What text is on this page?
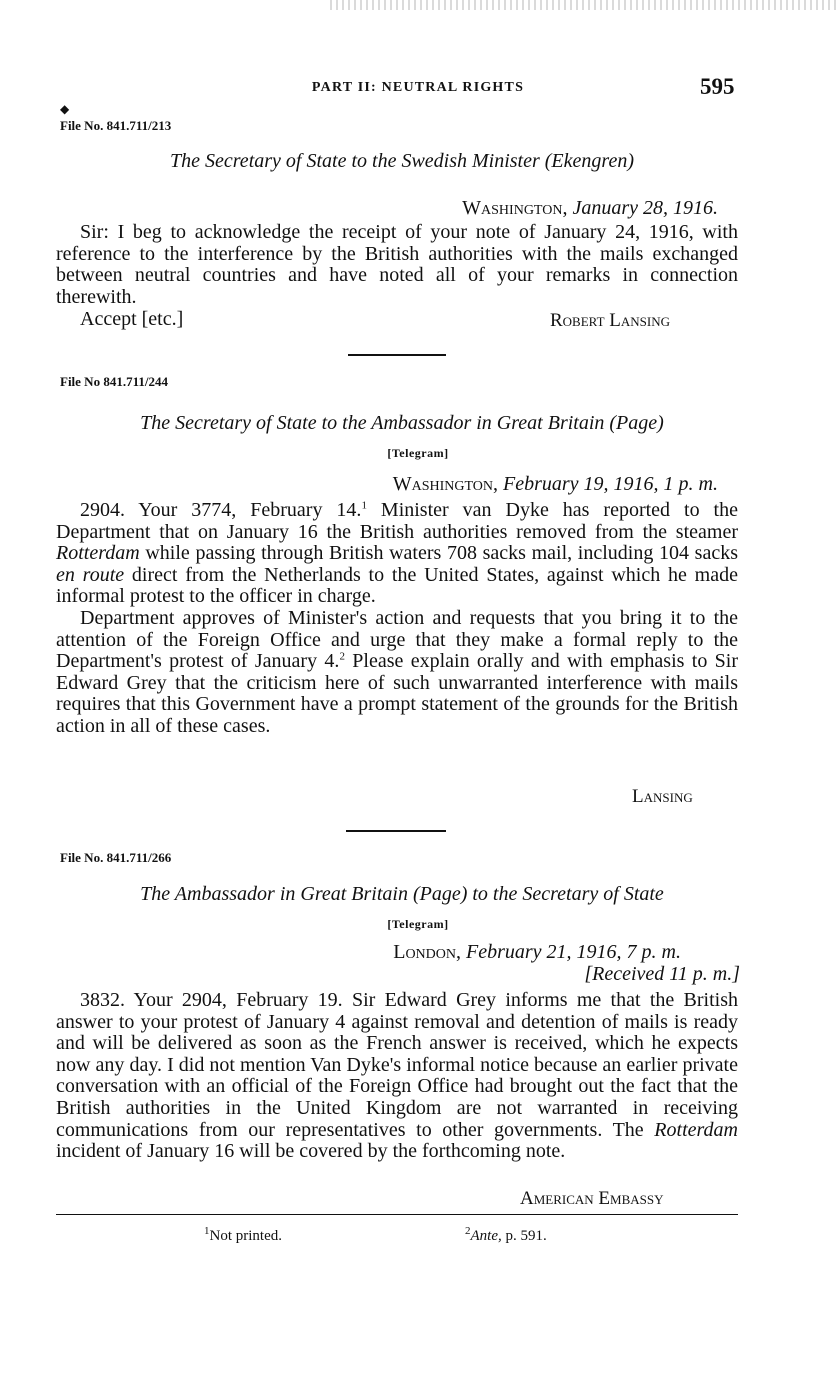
PART II: NEUTRAL RIGHTS	595
◆
File No. 841.711/213
The Secretary of State to the Swedish Minister (Ekengren)
Washington, January 28, 1916.

Sir: I beg to acknowledge the receipt of your note of January 24, 1916, with reference to the interference by the British authorities with the mails exchanged between neutral countries and have noted all of your remarks in connection therewith.

Accept [etc.]	Robert Lansing
File No 841.711/244
The Secretary of State to the Ambassador in Great Britain (Page)
[Telegram]
Washington, February 19, 1916, 1 p. m.

2904. Your 3774, February 14.$^1$ Minister van Dyke has reported to the Department that on January 16 the British authorities removed from the steamer Rotterdam while passing through British waters 708 sacks mail, including 104 sacks en route direct from the Netherlands to the United States, against which he made informal protest to the officer in charge.

Department approves of Minister's action and requests that you bring it to the attention of the Foreign Office and urge that they make a formal reply to the Department's protest of January 4.$^2$ Please explain orally and with emphasis to Sir Edward Grey that the criticism here of such unwarranted interference with mails requires that this Government have a prompt statement of the grounds for the British action in all of these cases.

Lansing
File No. 841.711/266
The Ambassador in Great Britain (Page) to the Secretary of State
[Telegram]
London, February 21, 1916, 7 p. m.
[Received 11 p. m.]

3832. Your 2904, February 19. Sir Edward Grey informs me that the British answer to your protest of January 4 against removal and detention of mails is ready and will be delivered as soon as the French answer is received, which he expects now any day. I did not mention Van Dyke's informal notice because an earlier private conversation with an official of the Foreign Office had brought out the fact that the British authorities in the United Kingdom are not warranted in receiving communications from our representatives to other governments. The Rotterdam incident of January 16 will be covered by the forthcoming note.

American Embassy
$^1$Not printed.	$^2$Ante, p. 591.
